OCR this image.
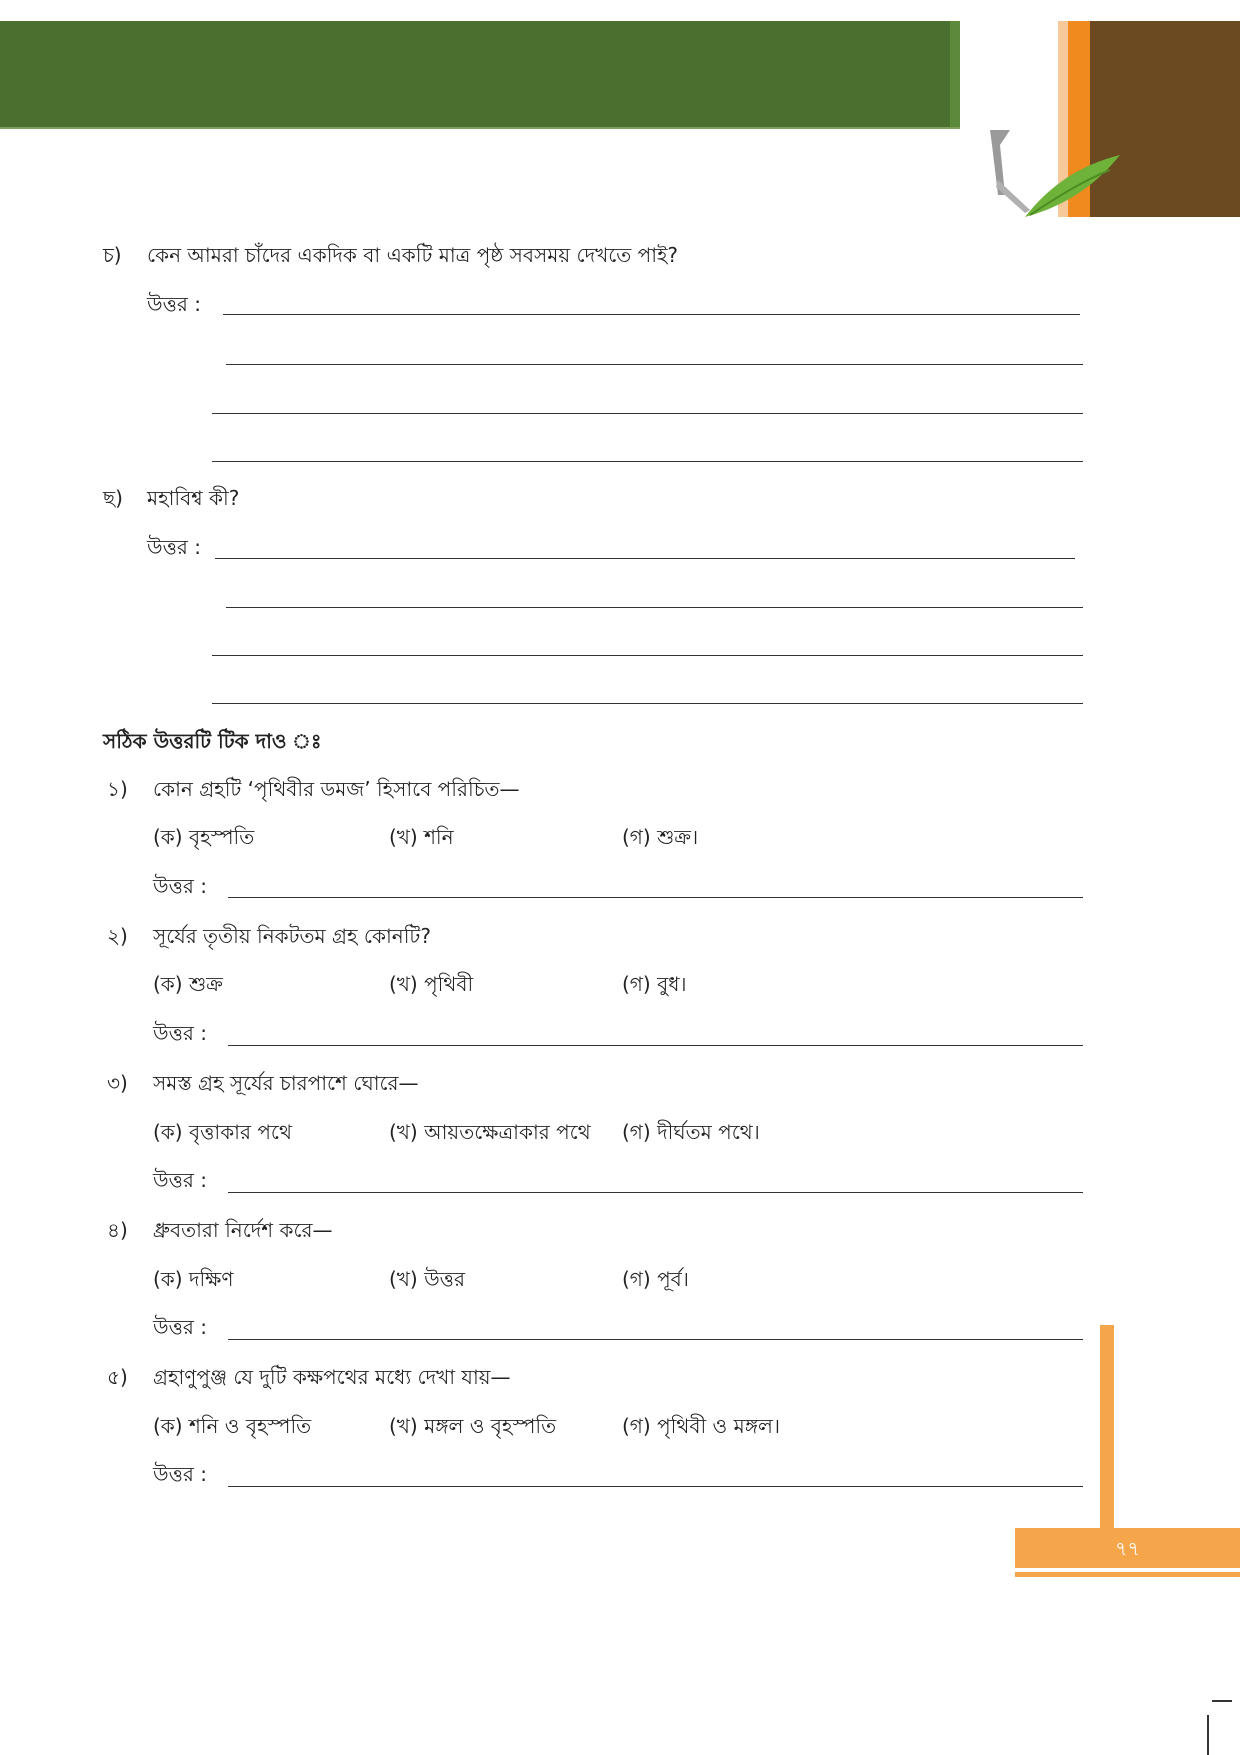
চ) কেন আমরা চাঁদের একদিক বা একটি মাত্র পৃষ্ঠ সবসময় দেখতে পাই?
উত্তর :
ছ) মহাবিশ্ব কী?
উত্তর :
সঠিক উত্তরটি টিক দাও ঃ
১) কোন গ্রহটি ‘পৃথিবীর ডমজ’ হিসাবে পরিচিত—
(ক) বৃহস্পতি	(খ) শনি	(গ) শুক্র।
উত্তর :
২) সূর্যের তৃতীয় নিকটতম গ্রহ কোনটি?
(ক) শুক্র	(খ) পৃথিবী	(গ) বুধ।
উত্তর :
৩) সমস্ত গ্রহ সূর্যের চারপাশে ঘোরে—
(ক) বৃত্তাকার পথে	(খ) আয়তক্ষেত্রাকার পথে (গ) দীর্ঘতম পথে।
উত্তর :
৪) ধ্রুবতারা নির্দেশ করে—
(ক) দক্ষিণ	(খ) উত্তর	(গ) পূর্ব।
উত্তর :
৫) গ্রহাণুপুঞ্জ যে দুটি কক্ষপথের মধ্যে দেখা যায়—
(ক) শনি ও বৃহস্পতি	(খ) মঙ্গল ও বৃহস্পতি	(গ) পৃথিবী ও মঙ্গল।
উত্তর :
৭৭
